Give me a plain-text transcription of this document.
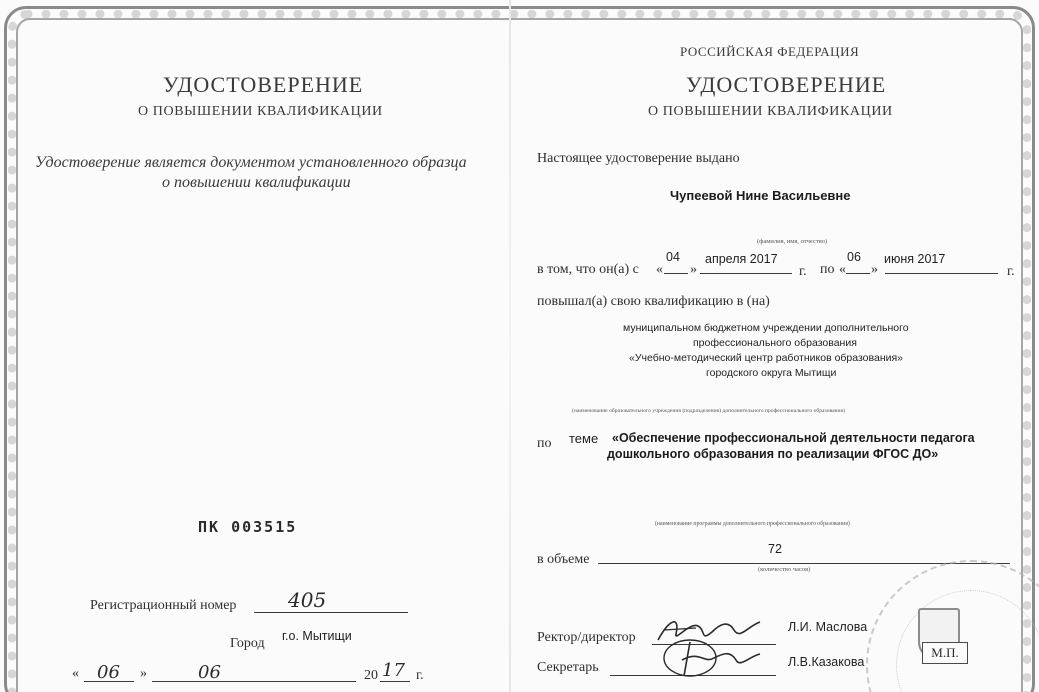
УДОСТОВЕРЕНИЕ
О ПОВЫШЕНИИ КВАЛИФИКАЦИИ
Удостоверение является документом установленного образца
о повышении квалификации
ПК 003515
Регистрационный номер	405
Город г.о. Мытищи
« 06 »	06	20 17 г.
РОССИЙСКАЯ ФЕДЕРАЦИЯ
УДОСТОВЕРЕНИЕ
О ПОВЫШЕНИИ КВАЛИФИКАЦИИ
Настоящее удостоверение выдано
Чупеевой Нине Васильевне
(фамилия, имя, отчество)
в том, что он(а) с «
04
»
апреля 2017
г. по «
06
»
июня 2017
г.
повышал(а) свою квалификацию в (на)
муниципальном бюджетном учреждении дополнительного
профессионального образования
«Учебно-методический центр работников образования»
городского округа Мытищи
(наименование образовательного учреждения (подразделения) дополнительного профессионального образования)
по теме «Обеспечение профессиональной деятельности педагога
дошкольного образования по реализации ФГОС ДО»
(наименование программы дополнительного профессионального образования)
в объеме
72
(количество часов)
Ректор/директор
Л.И. Маслова
Секретарь	Л.В.Казакова
М.П.
